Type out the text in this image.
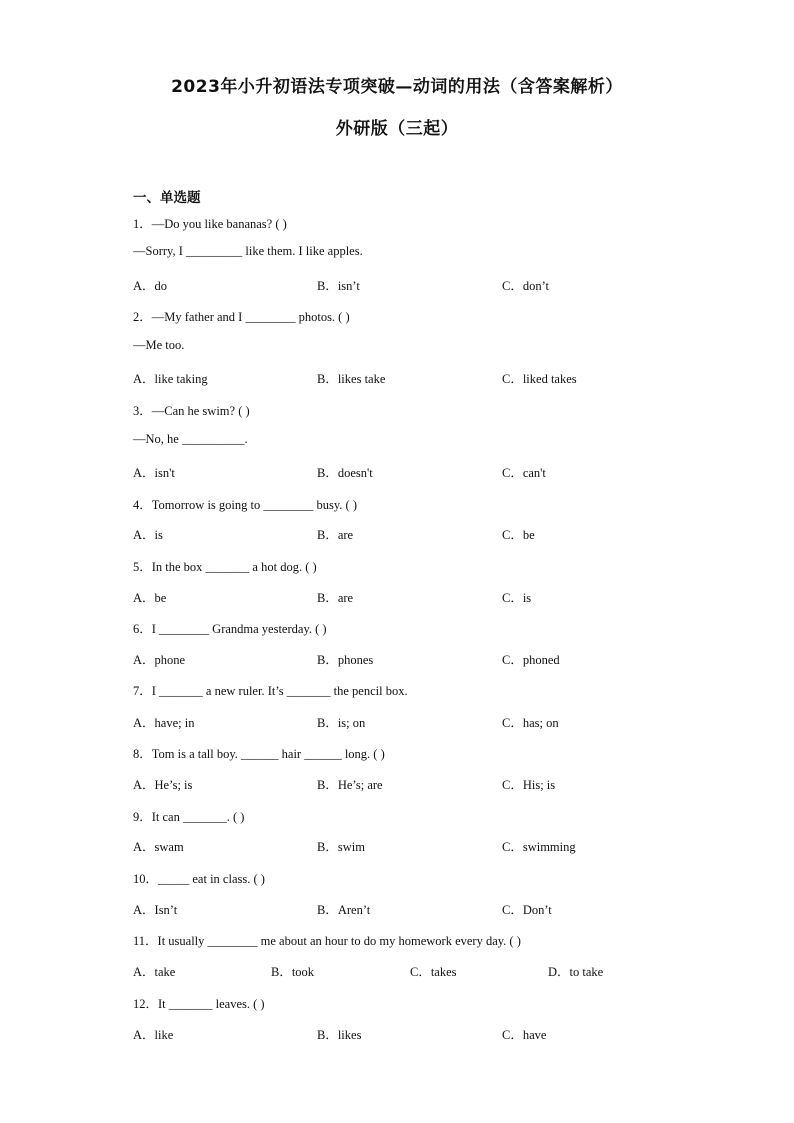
2023年小升初语法专项突破—动词的用法（含答案解析）
外研版（三起）
一、单选题
1．—Do you like bananas? ( )
—Sorry, I _________ like them. I like apples.
A．do	B．isn’t	C．don’t
2．—My father and I ________ photos. ( )
—Me too.
A．like taking	B．likes take	C．liked takes
3．—Can he swim? ( )
—No, he __________.
A．isn't	B．doesn't	C．can't
4．Tomorrow is going to ________ busy. ( )
A．is	B．are	C．be
5．In the box _______ a hot dog. ( )
A．be	B．are	C．is
6．I ________ Grandma yesterday. ( )
A．phone	B．phones	C．phoned
7．I _______ a new ruler. It’s _______ the pencil box.
A．have; in	B．is; on	C．has; on
8．Tom is a tall boy. ______ hair ______ long. ( )
A．He’s; is	B．He’s; are	C．His; is
9．It can _______. ( )
A．swam	B．swim	C．swimming
10．_____ eat in class. ( )
A．Isn’t	B．Aren’t	C．Don’t
11．It usually ________ me about an hour to do my homework every day. ( )
A．take	B．took	C．takes	D．to take
12．It _______ leaves. ( )
A．like	B．likes	C．have
